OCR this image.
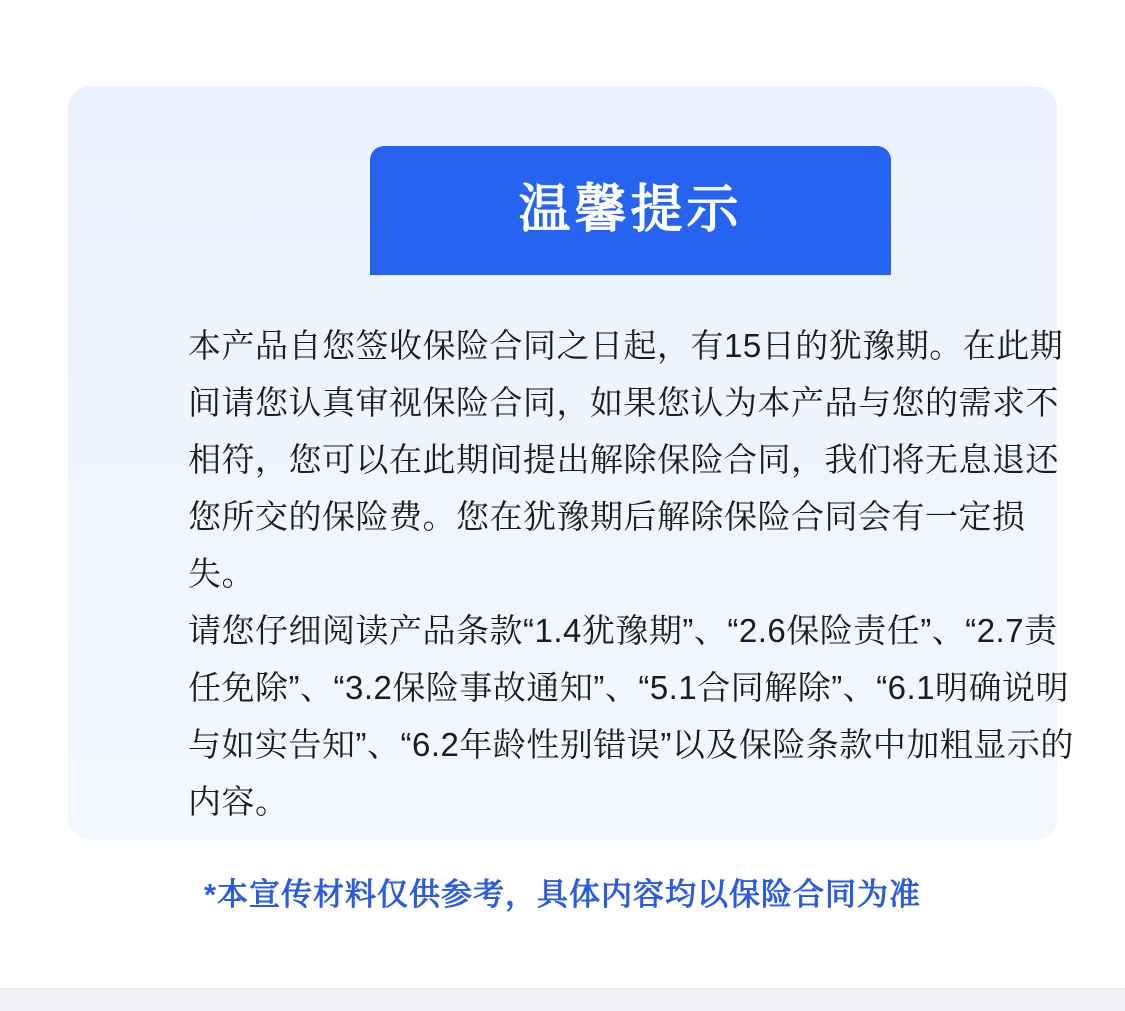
温馨提示

本产品自您签收保险合同之日起，有15日的犹豫期。在此期间请您认真审视保险合同，如果您认为本产品与您的需求不相符，您可以在此期间提出解除保险合同，我们将无息退还您所交的保险费。您在犹豫期后解除保险合同会有一定损失。

请您仔细阅读产品条款“1.4犹豫期”、“2.6保险责任”、“2.7责任免除”、“3.2保险事故通知”、“5.1合同解除”、“6.1明确说明与如实告知”、“6.2年龄性别错误”以及保险条款中加粗显示的内容。

*本宣传材料仅供参考，具体内容均以保险合同为准
